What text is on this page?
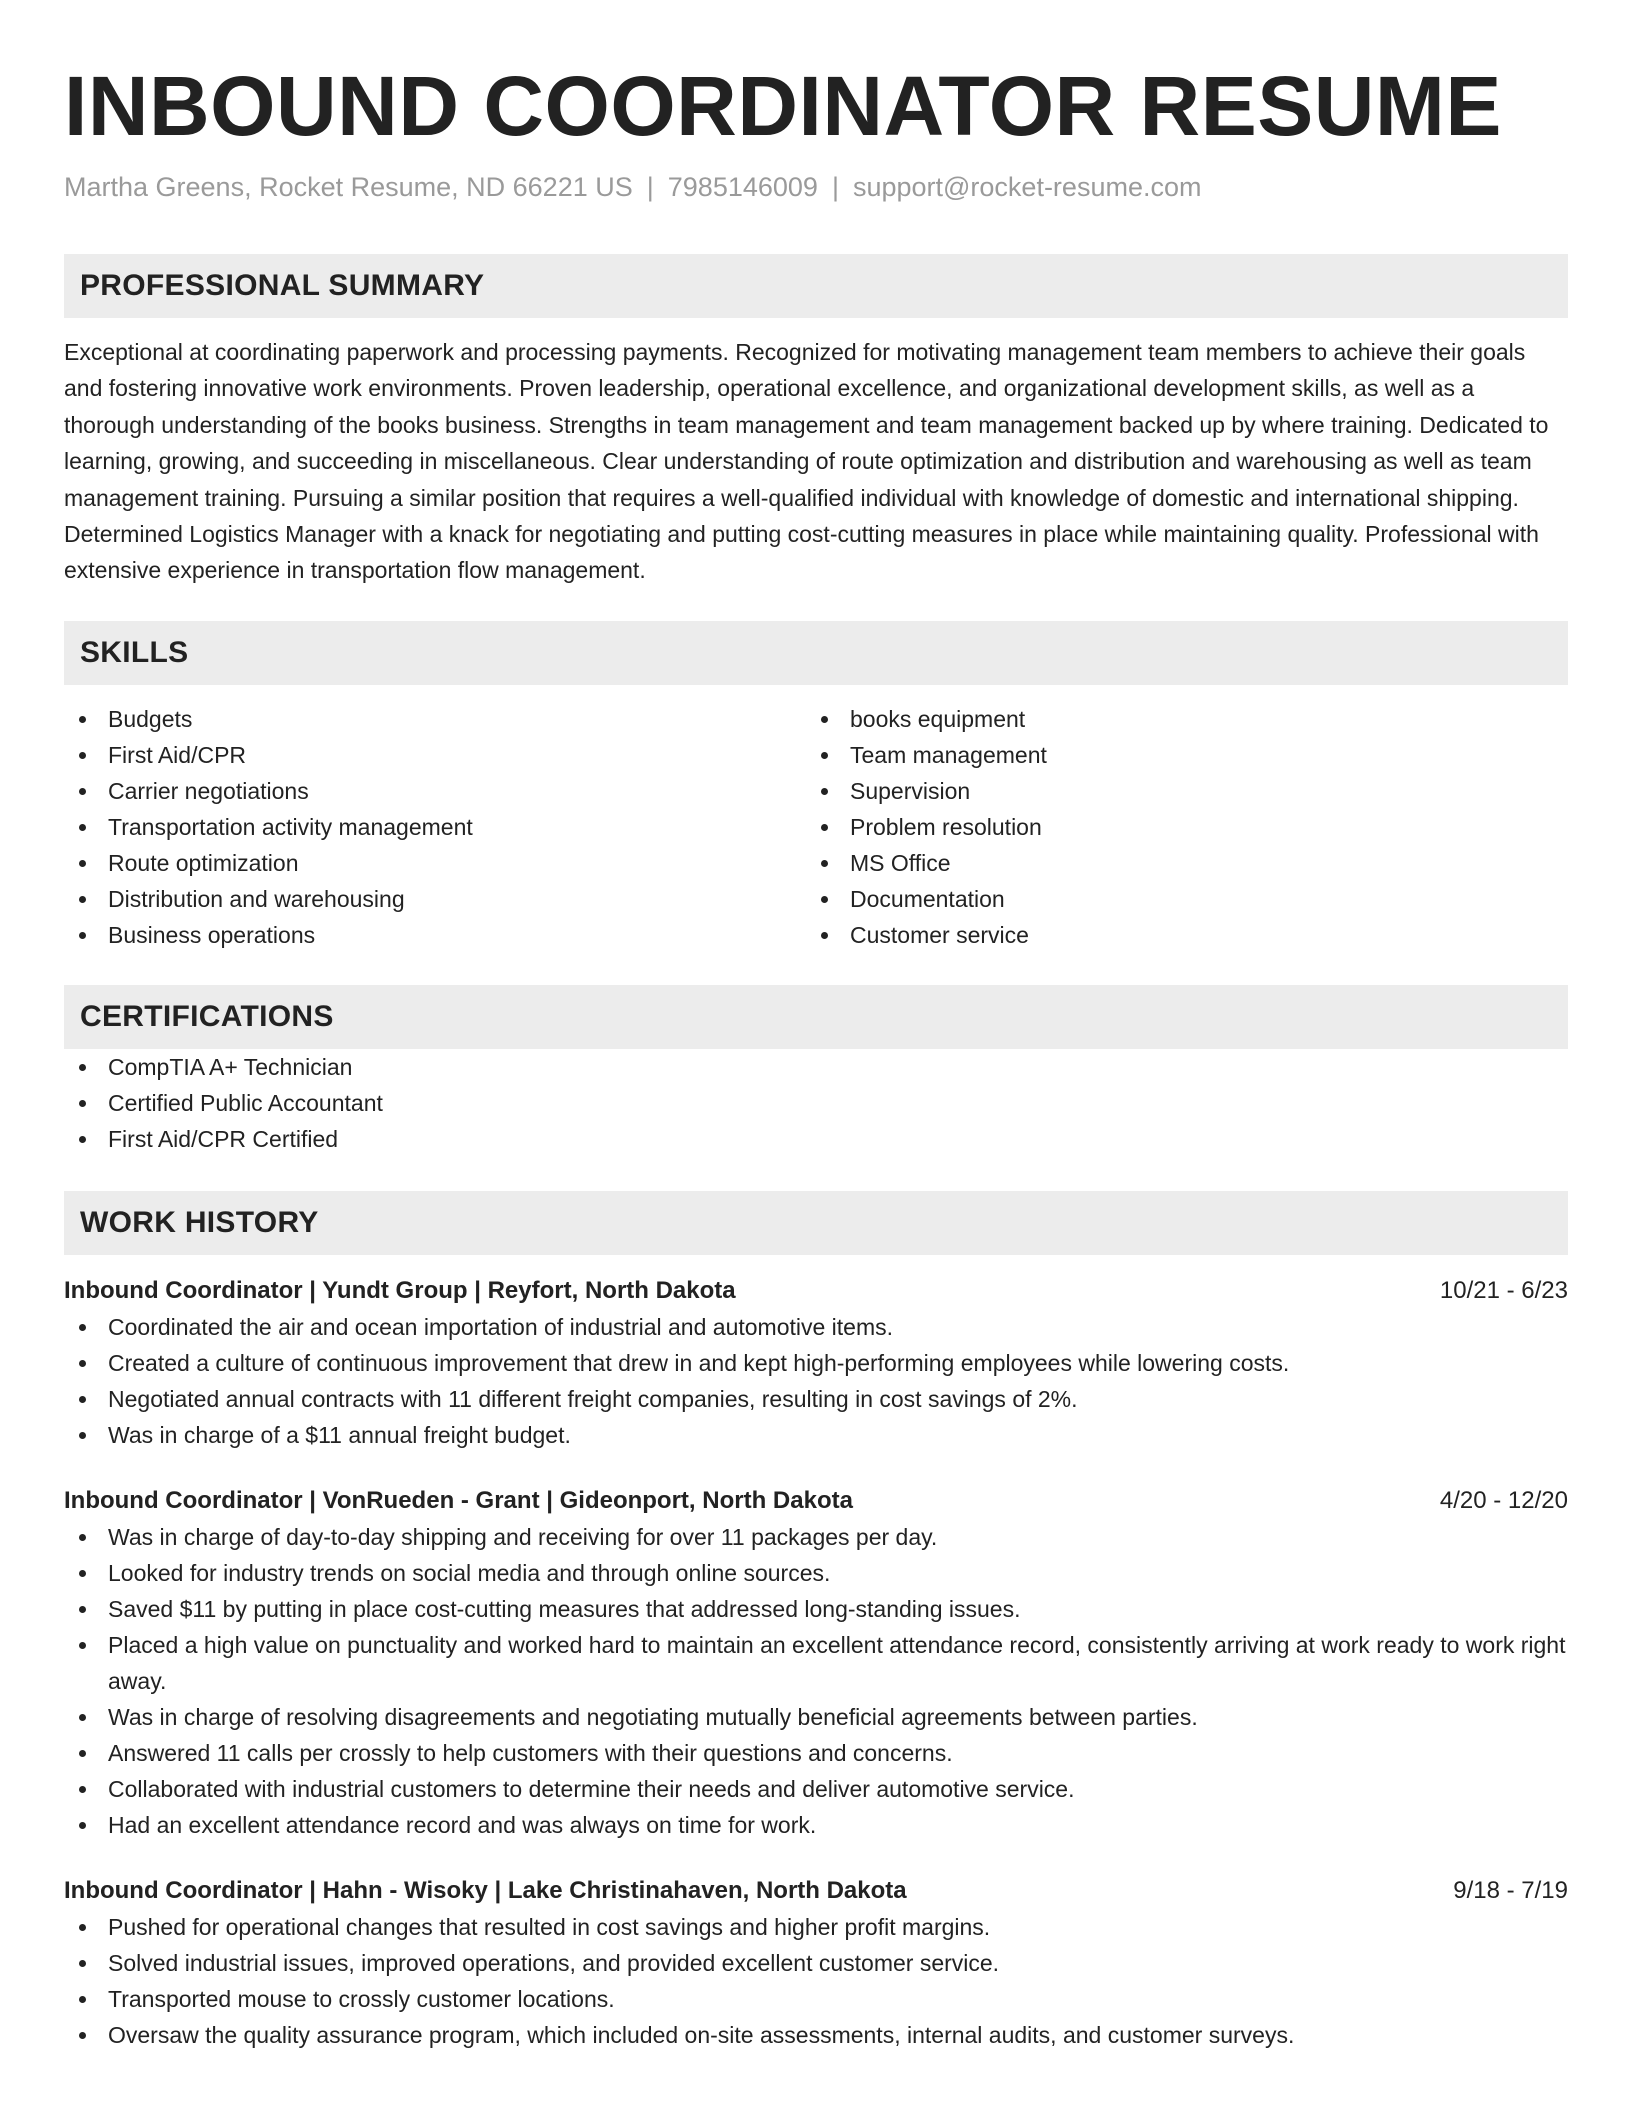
INBOUND COORDINATOR RESUME
Martha Greens, Rocket Resume, ND 66221 US | 7985146009 | support@rocket-resume.com
PROFESSIONAL SUMMARY
Exceptional at coordinating paperwork and processing payments. Recognized for motivating management team members to achieve their goals and fostering innovative work environments. Proven leadership, operational excellence, and organizational development skills, as well as a thorough understanding of the books business. Strengths in team management and team management backed up by where training. Dedicated to learning, growing, and succeeding in miscellaneous. Clear understanding of route optimization and distribution and warehousing as well as team management training. Pursuing a similar position that requires a well-qualified individual with knowledge of domestic and international shipping. Determined Logistics Manager with a knack for negotiating and putting cost-cutting measures in place while maintaining quality. Professional with extensive experience in transportation flow management.
SKILLS
Budgets
First Aid/CPR
Carrier negotiations
Transportation activity management
Route optimization
Distribution and warehousing
Business operations
books equipment
Team management
Supervision
Problem resolution
MS Office
Documentation
Customer service
CERTIFICATIONS
CompTIA A+ Technician
Certified Public Accountant
First Aid/CPR Certified
WORK HISTORY
Inbound Coordinator | Yundt Group | Reyfort, North Dakota	10/21 - 6/23
Coordinated the air and ocean importation of industrial and automotive items.
Created a culture of continuous improvement that drew in and kept high-performing employees while lowering costs.
Negotiated annual contracts with 11 different freight companies, resulting in cost savings of 2%.
Was in charge of a $11 annual freight budget.
Inbound Coordinator | VonRueden - Grant | Gideonport, North Dakota	4/20 - 12/20
Was in charge of day-to-day shipping and receiving for over 11 packages per day.
Looked for industry trends on social media and through online sources.
Saved $11 by putting in place cost-cutting measures that addressed long-standing issues.
Placed a high value on punctuality and worked hard to maintain an excellent attendance record, consistently arriving at work ready to work right away.
Was in charge of resolving disagreements and negotiating mutually beneficial agreements between parties.
Answered 11 calls per crossly to help customers with their questions and concerns.
Collaborated with industrial customers to determine their needs and deliver automotive service.
Had an excellent attendance record and was always on time for work.
Inbound Coordinator | Hahn - Wisoky | Lake Christinahaven, North Dakota	9/18 - 7/19
Pushed for operational changes that resulted in cost savings and higher profit margins.
Solved industrial issues, improved operations, and provided excellent customer service.
Transported mouse to crossly customer locations.
Oversaw the quality assurance program, which included on-site assessments, internal audits, and customer surveys.
